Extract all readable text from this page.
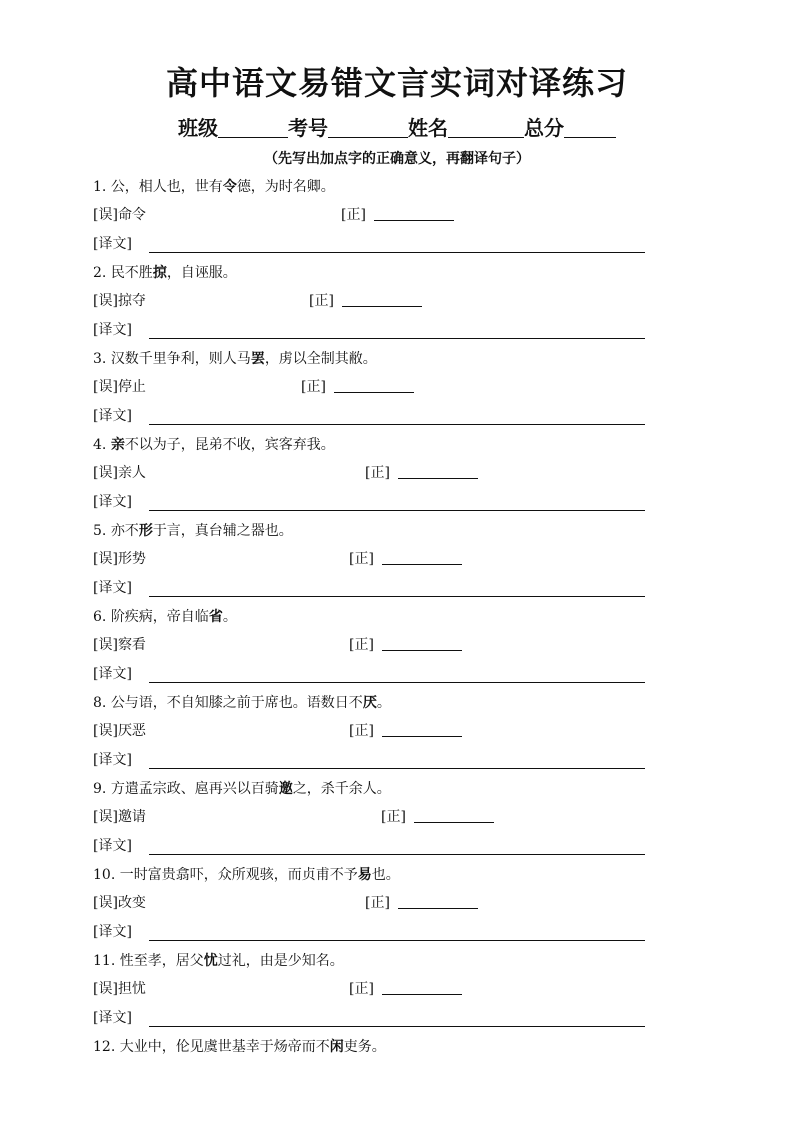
高中语文易错文言实词对译练习
班级	考号	姓名	总分
（先写出加点字的正确意义，再翻译句子）
1. 公，相人也，世有令德，为时名卿。
[误]命令	[正]
[译文]
2. 民不胜掠，自诬服。
[误]掠夺	[正]
[译文]
3. 汉数千里争利，则人马罢，虏以全制其敝。
[误]停止	[正]
[译文]
4. 亲不以为子，昆弟不收，宾客弃我。
[误]亲人	[正]
[译文]
5. 亦不形于言，真台辅之器也。
[误]形势	[正]
[译文]
6. 阶疾病，帝自临省。
[误]察看	[正]
[译文]
8. 公与语，不自知膝之前于席也。语数日不厌。
[误]厌恶	[正]
[译文]
9. 方遣孟宗政、扈再兴以百骑邀之，杀千余人。
[误]邀请	[正]
[译文]
10. 一时富贵翕吓，众所观骇，而贞甫不予易也。
[误]改变	[正]
[译文]
11. 性至孝，居父忧过礼，由是少知名。
[误]担忧	[正]
[译文]
12. 大业中，伦见虞世基幸于炀帝而不闲吏务。
